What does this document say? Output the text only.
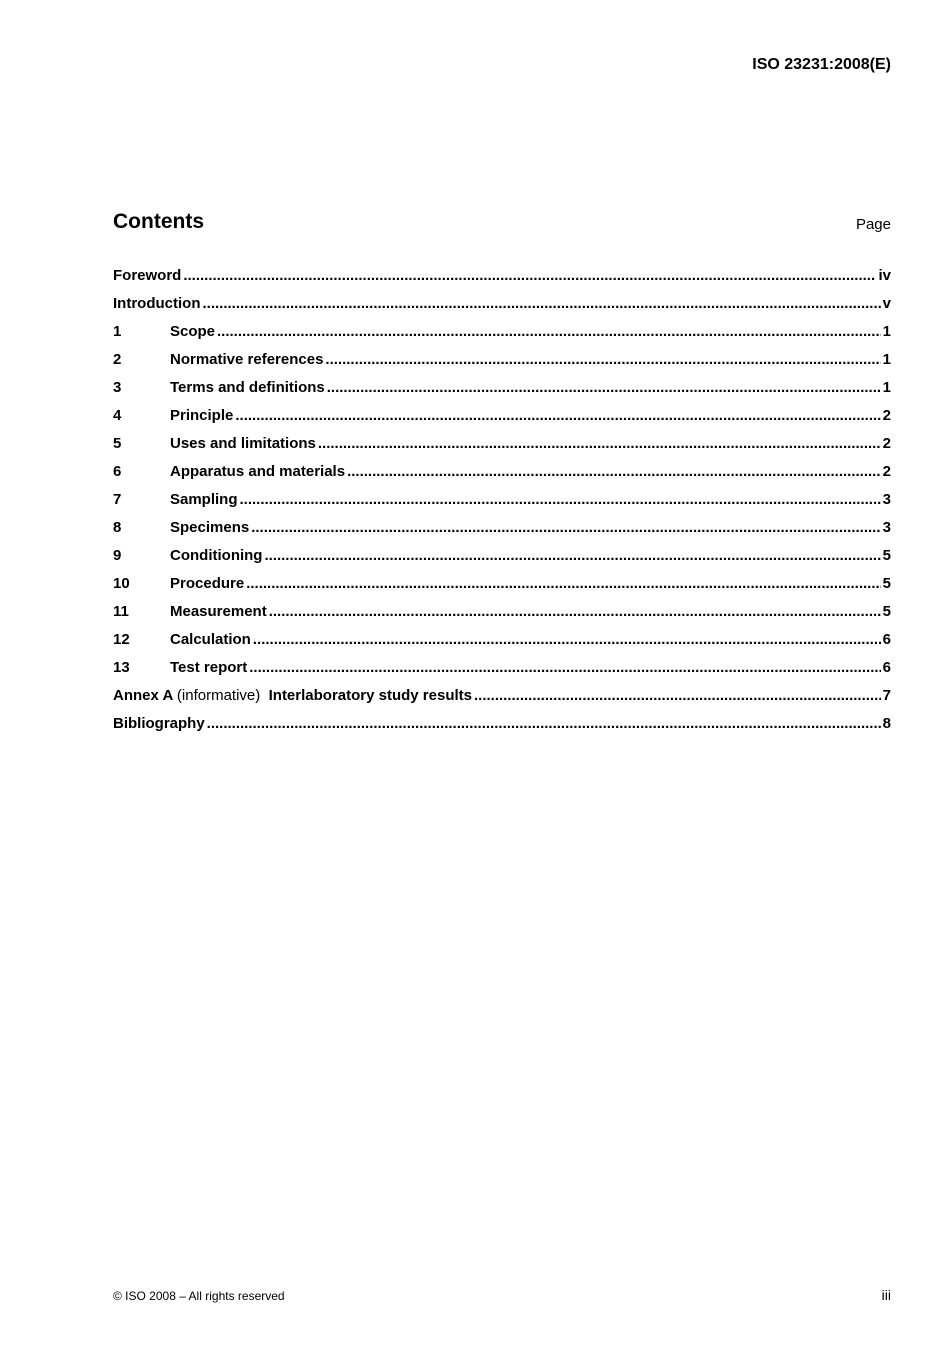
ISO 23231:2008(E)
Contents	Page
Foreword .....	iv
Introduction .....	v
1	Scope .....	1
2	Normative references .....	1
3	Terms and definitions .....	1
4	Principle .....	2
5	Uses and limitations .....	2
6	Apparatus and materials .....	2
7	Sampling .....	3
8	Specimens .....	3
9	Conditioning .....	5
10	Procedure .....	5
11	Measurement .....	5
12	Calculation .....	6
13	Test report .....	6
Annex A (informative) Interlaboratory study results .....	7
Bibliography .....	8
© ISO 2008 – All rights reserved	iii
